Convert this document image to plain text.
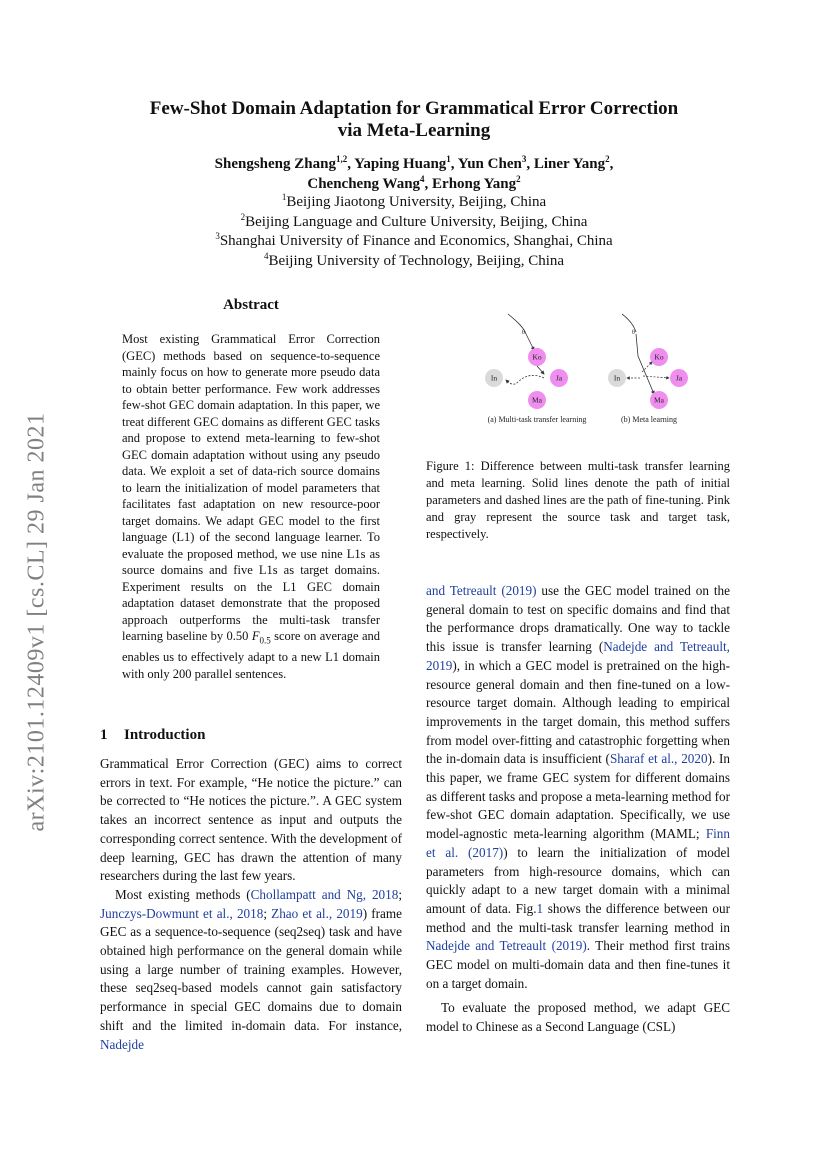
arXiv:2101.12409v1 [cs.CL] 29 Jan 2021
Few-Shot Domain Adaptation for Grammatical Error Correction
via Meta-Learning
Shengsheng Zhang$^{1,2}$, Yaping Huang$^1$, Yun Chen$^3$, Liner Yang$^2$,
Chencheng Wang$^4$, Erhong Yang$^2$
$^1$Beijing Jiaotong University, Beijing, China
$^2$Beijing Language and Culture University, Beijing, China
$^3$Shanghai University of Finance and Economics, Shanghai, China
$^4$Beijing University of Technology, Beijing, China
Abstract
Most existing Grammatical Error Correction (GEC) methods based on sequence-to-sequence mainly focus on how to generate more pseudo data to obtain better performance. Few work addresses few-shot GEC domain adaptation. In this paper, we treat different GEC domains as different GEC tasks and propose to extend meta-learning to few-shot GEC domain adaptation without using any pseudo data. We exploit a set of data-rich source domains to learn the initialization of model parameters that facilitates fast adaptation on new resource-poor target domains. We adapt GEC model to the first language (L1) of the second language learner. To evaluate the proposed method, we use nine L1s as source domains and five L1s as target domains. Experiment results on the L1 GEC domain adaptation dataset demonstrate that the proposed approach outperforms the multi-task transfer learning baseline by 0.50 $F_{0.5}$ score on average and enables us to effectively adapt to a new L1 domain with only 200 parallel sentences.
1 Introduction

Grammatical Error Correction (GEC) aims to correct errors in text. For example, “He notice the picture.” can be corrected to “He notices the picture.”. A GEC system takes an incorrect sentence as input and outputs the corresponding correct sentence. With the development of deep learning, GEC has drawn the attention of many researchers during the last few years.

Most existing methods (Chollampatt and Ng, 2018; Junczys-Dowmunt et al., 2018; Zhao et al., 2019) frame GEC as a sequence-to-sequence (seq2seq) task and have obtained high performance on the general domain while using a large number of training examples. However, these seq2seq-based models cannot gain satisfactory performance in special GEC domains due to domain shift and the limited in-domain data. For instance, Nadejde

θ
Ko
Ja
Ma
In
(a) Multi-task transfer learning
θ
Ko
Ja
Ma
In
(b) Meta learning
Figure 1: Difference between multi-task transfer learning and meta learning. Solid lines denote the path of initial parameters and dashed lines are the path of fine-tuning. Pink and gray represent the source task and target task, respectively.

and Tetreault (2019) use the GEC model trained on the general domain to test on specific domains and find that the performance drops dramatically. One way to tackle this issue is transfer learning (Nadejde and Tetreault, 2019), in which a GEC model is pretrained on the high-resource general domain and then fine-tuned on a low-resource target domain. Although leading to empirical improvements in the target domain, this method suffers from model over-fitting and catastrophic forgetting when the in-domain data is insufficient (Sharaf et al., 2020). In this paper, we frame GEC system for different domains as different tasks and propose a meta-learning method for few-shot GEC domain adaptation. Specifically, we use model-agnostic meta-learning algorithm (MAML; Finn et al. (2017)) to learn the initialization of model parameters from high-resource domains, which can quickly adapt to a new target domain with a minimal amount of data. Fig.1 shows the difference between our method and the multi-task transfer learning method in Nadejde and Tetreault (2019). Their method first trains GEC model on multi-domain data and then fine-tunes it on a target domain.

To evaluate the proposed method, we adapt GEC model to Chinese as a Second Language (CSL)
